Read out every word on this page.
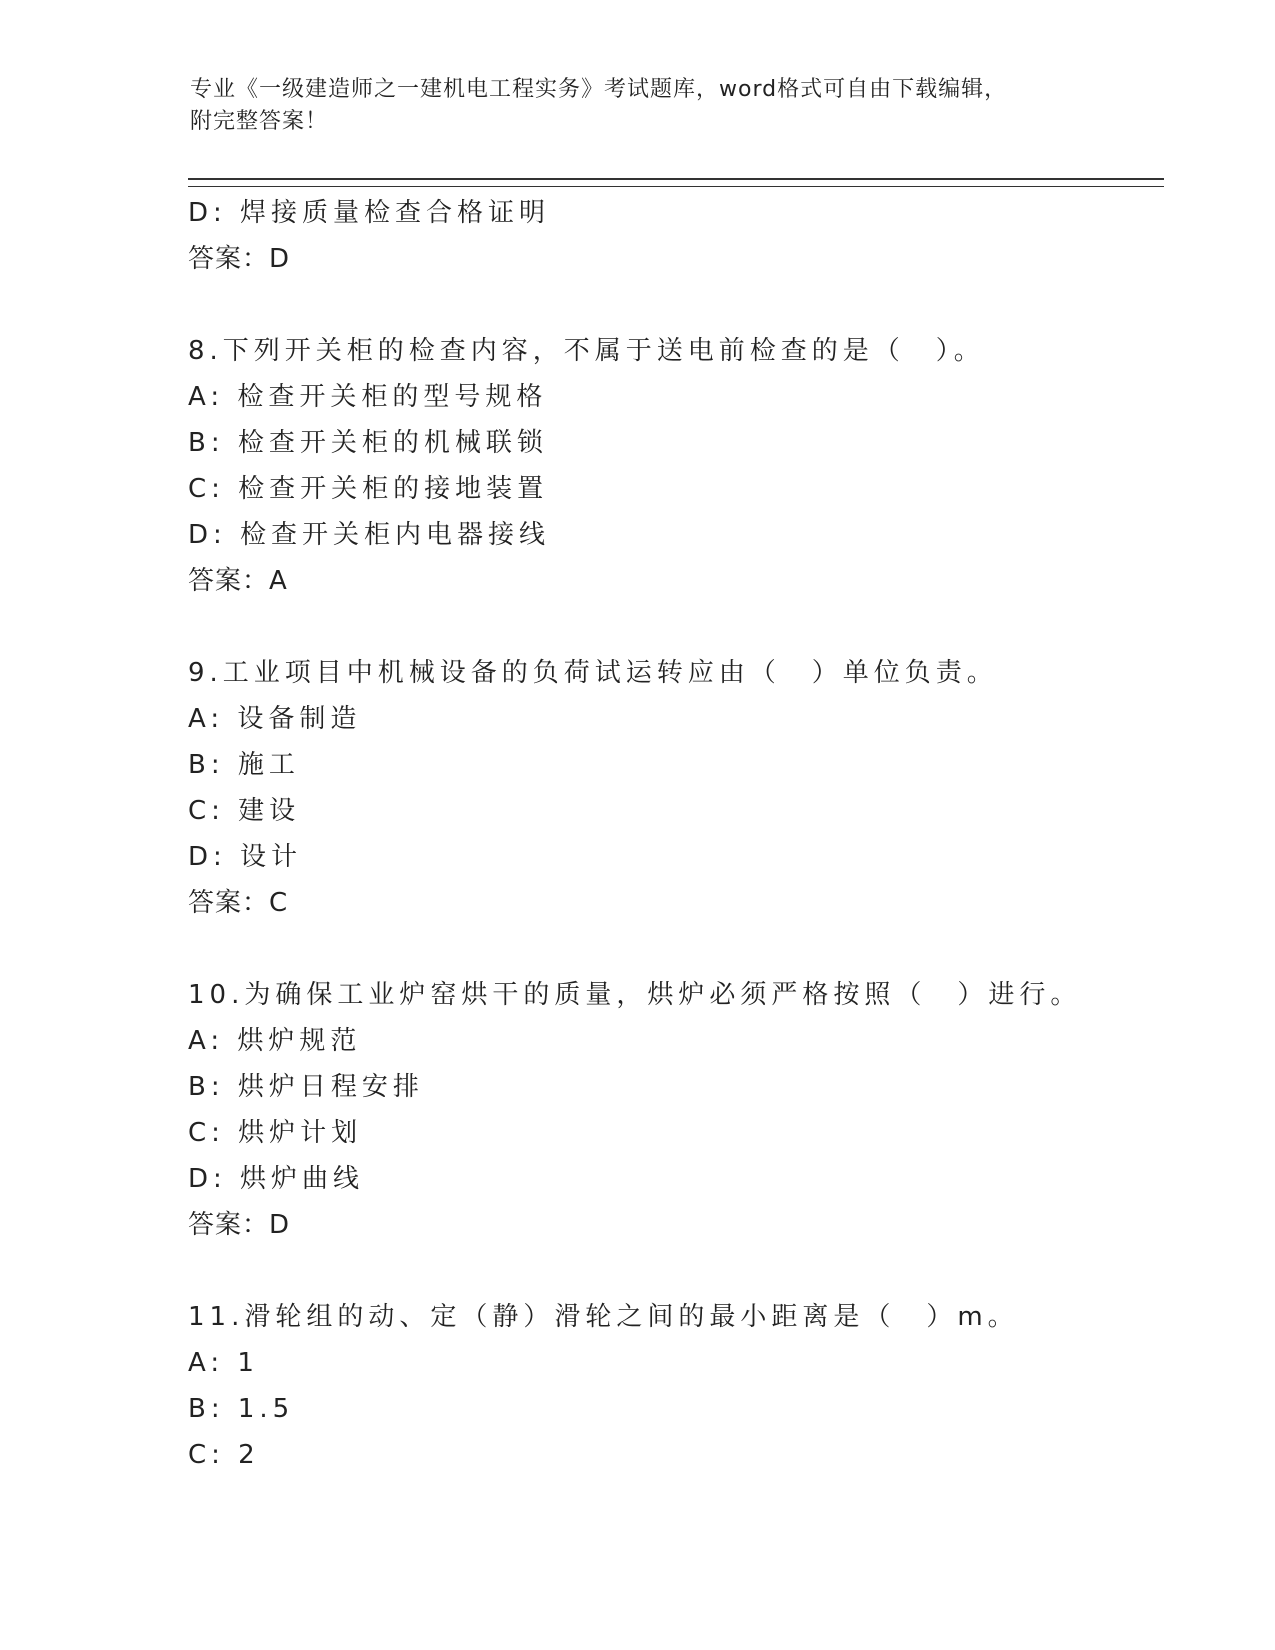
专业《一级建造师之一建机电工程实务》考试题库，word格式可自由下载编辑，
附完整答案！
D: 焊接质量检查合格证明
答案：D
8.下列开关柜的检查内容，不属于送电前检查的是（　）。
A: 检查开关柜的型号规格
B: 检查开关柜的机械联锁
C: 检查开关柜的接地装置
D: 检查开关柜内电器接线
答案：A
9.工业项目中机械设备的负荷试运转应由（　）单位负责。
A: 设备制造
B: 施工
C: 建设
D: 设计
答案：C
10.为确保工业炉窑烘干的质量，烘炉必须严格按照（　）进行。
A: 烘炉规范
B: 烘炉日程安排
C: 烘炉计划
D: 烘炉曲线
答案：D
11.滑轮组的动、定（静）滑轮之间的最小距离是（　）m。
A: 1
B: 1.5
C: 2
